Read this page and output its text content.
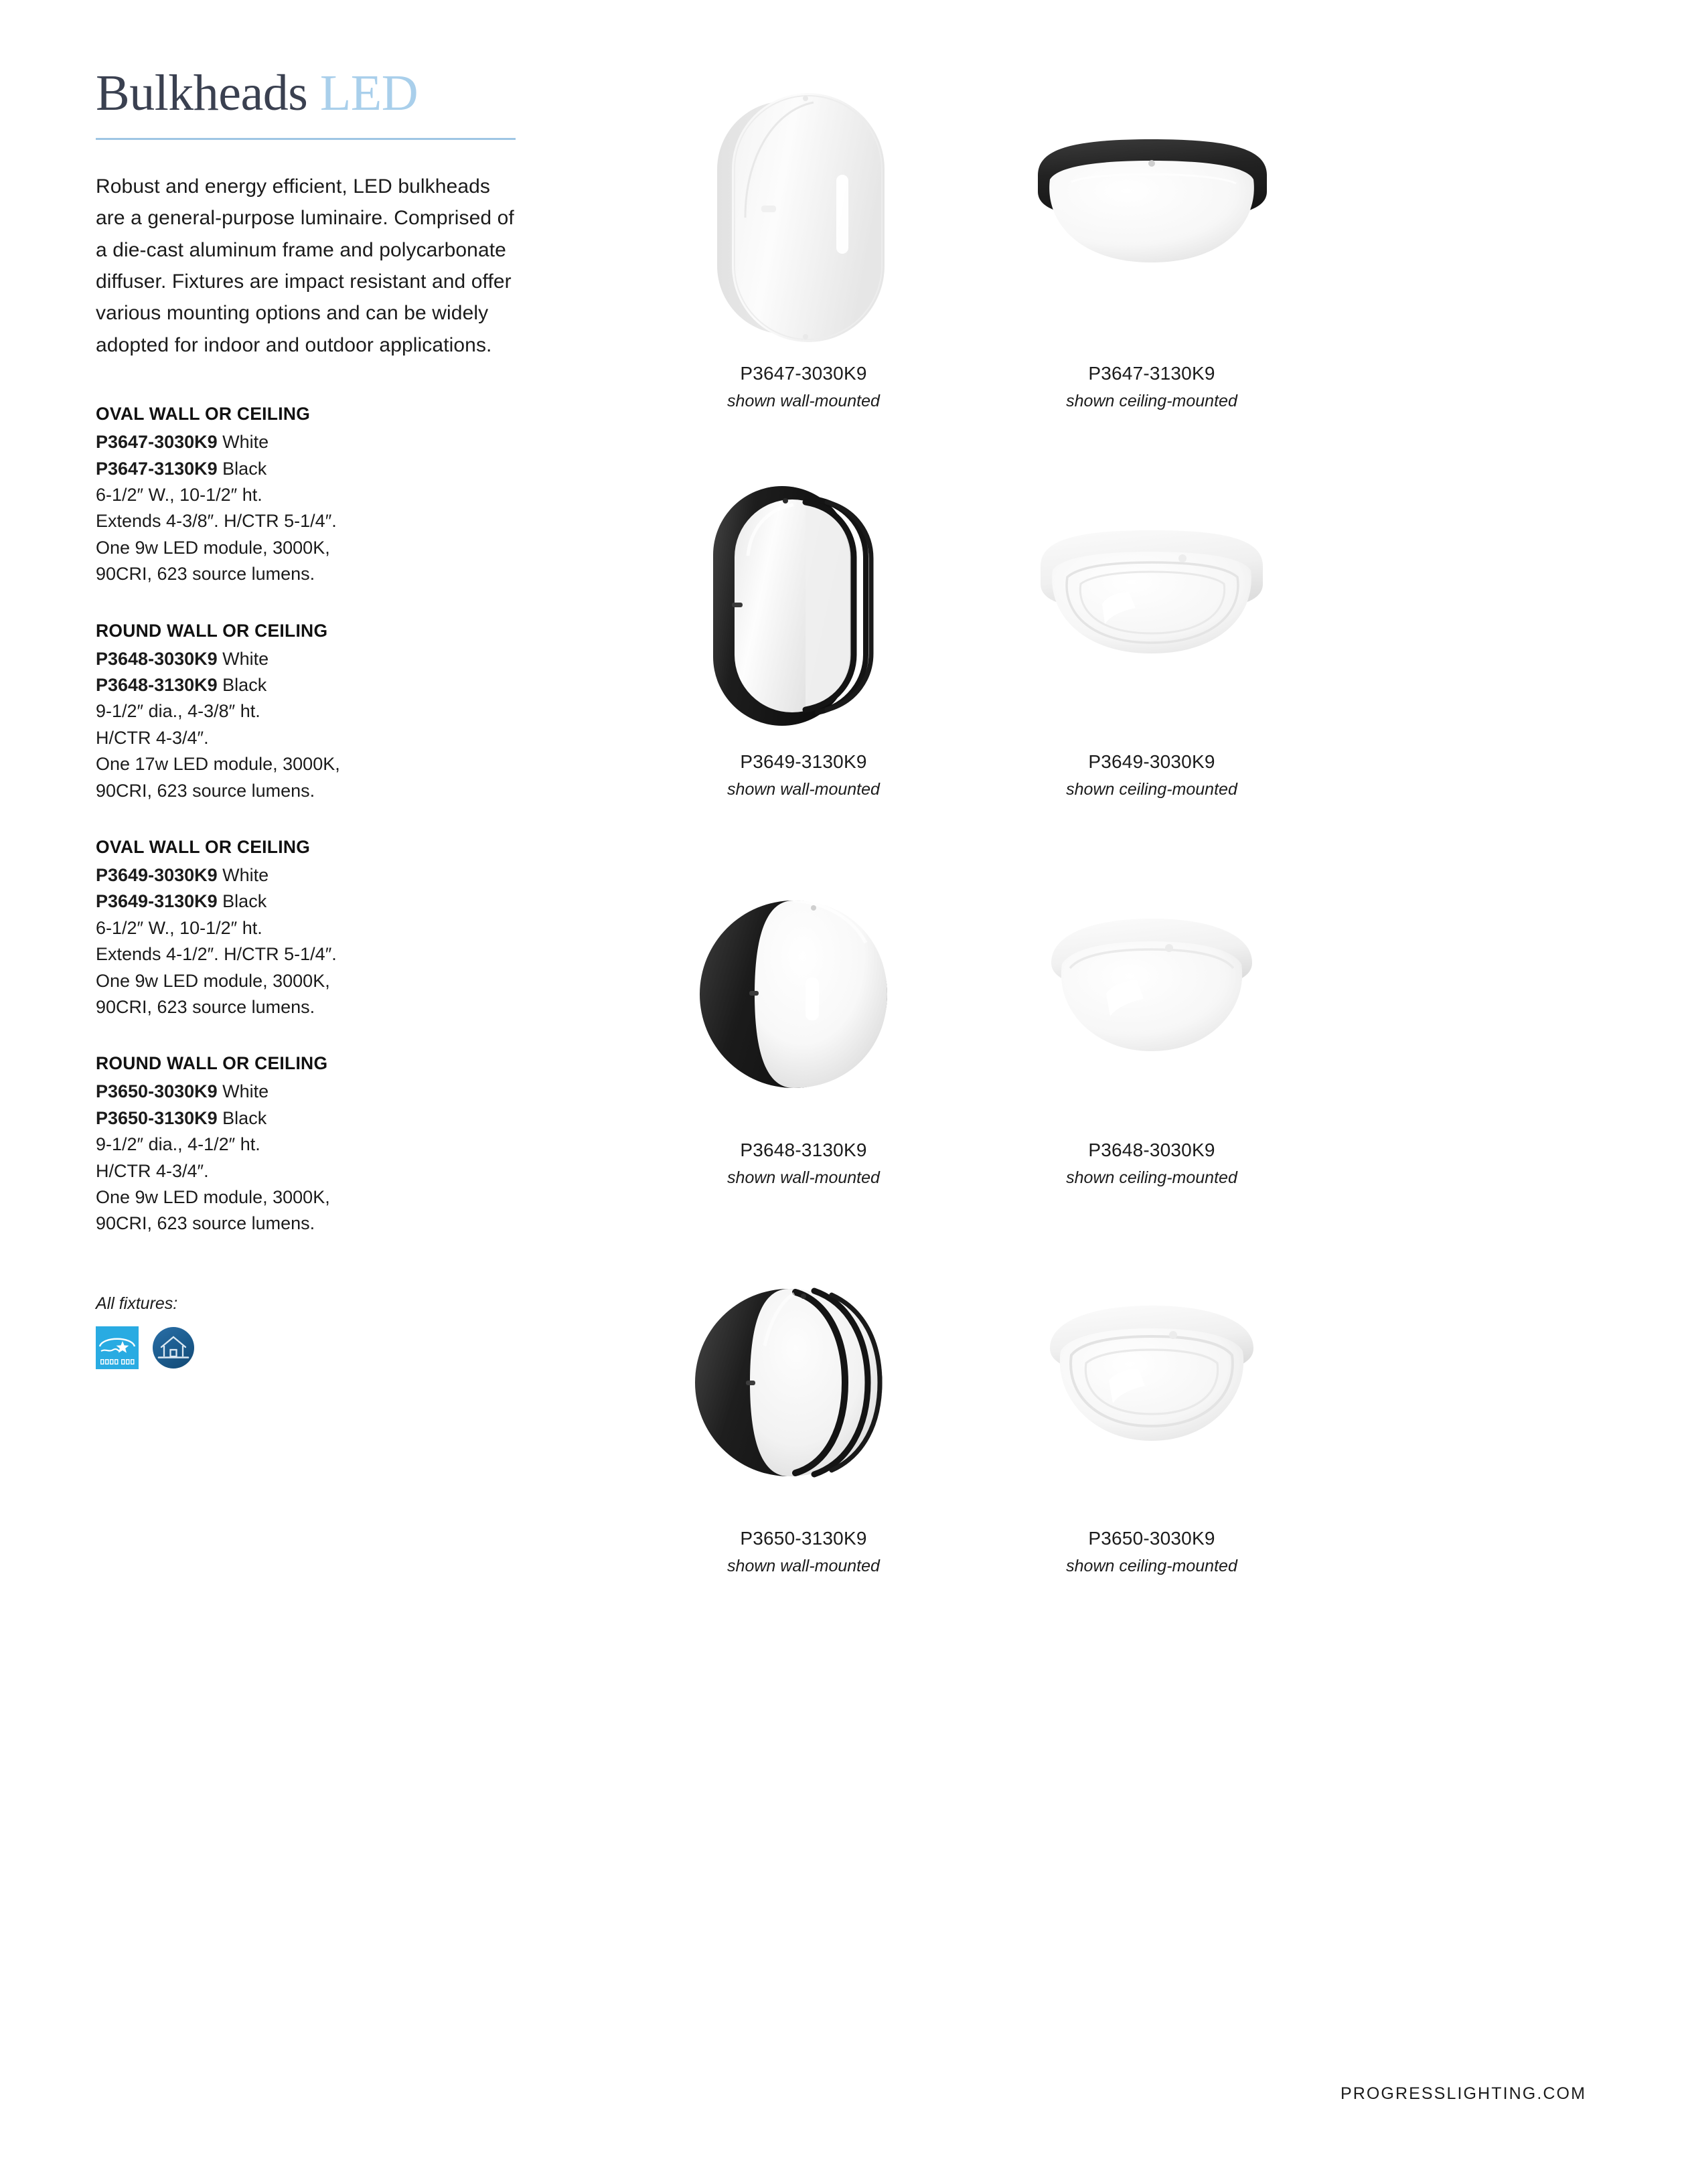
Bulkheads LED

Robust and energy efficient, LED bulkheads are a general-purpose luminaire. Comprised of a die-cast aluminum frame and polycarbonate diffuser. Fixtures are impact resistant and offer various mounting options and can be widely adopted for indoor and outdoor applications.

OVAL WALL OR CEILING
P3647-3030K9 White
P3647-3130K9 Black
6-1/2″ W., 10-1/2″ ht.
Extends 4-3/8″. H/CTR 5-1/4″.
One 9w LED module, 3000K,
90CRI, 623 source lumens.
ROUND WALL OR CEILING
P3648-3030K9 White
P3648-3130K9 Black
9-1/2″ dia., 4-3/8″ ht.
H/CTR 4-3/4″.
One 17w LED module, 3000K,
90CRI, 623 source lumens.
OVAL WALL OR CEILING
P3649-3030K9 White
P3649-3130K9 Black
6-1/2″ W., 10-1/2″ ht.
Extends 4-1/2″. H/CTR 5-1/4″.
One 9w LED module, 3000K,
90CRI, 623 source lumens.
ROUND WALL OR CEILING
P3650-3030K9 White
P3650-3130K9 Black
9-1/2″ dia., 4-1/2″ ht.
H/CTR 4-3/4″.
One 9w LED module, 3000K,
90CRI, 623 source lumens.
All fixtures:
P3647-3030K9
shown wall-mounted
P3647-3130K9
shown ceiling-mounted
P3649-3130K9
shown wall-mounted
P3649-3030K9
shown ceiling-mounted
P3648-3130K9
shown wall-mounted
P3648-3030K9
shown ceiling-mounted
P3650-3130K9
shown wall-mounted
P3650-3030K9
shown ceiling-mounted
PROGRESSLIGHTING.COM
